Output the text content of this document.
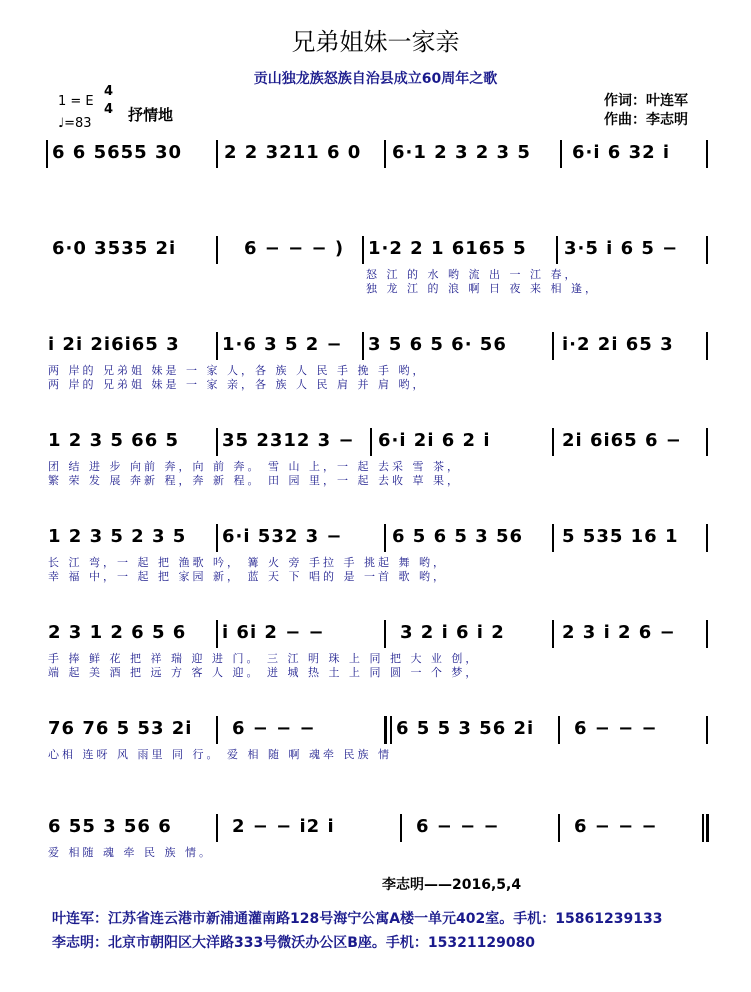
兄弟姐妹一家亲
贡山独龙族怒族自治县成立60周年之歌
1 = E
4
4
♩=83 抒情地
作词：叶连军
作曲：李志明
6 6 5655 30 2 2 3211 6 0 6·1 2 3 2 3 5 6·i 6 32 i
6·0 3535 2i	6 − − − ) 1·2 2 1 6165 5 3·5 i 6 5 −
怒 江 的 水 哟 流 出 一 江 春，
独 龙 江 的 浪 啊 日 夜 来 相 逢，
i 2i 2i6i65 3 1·6 3 5 2 − 3 5 6 5 6· 56	i·2 2i 65 3
两 岸的 兄弟姐 妹是 一 家 人，各 族 人 民 手 挽 手 哟，
两 岸的 兄弟姐 妹是 一 家 亲，各 族 人 民 肩 并 肩 哟，
1 2 3 5 66 5 35 2312 3 − 6·i 2i 6 2 i	2i 6i65 6 −
团 结 进 步 向前 奔，向 前 奔。 雪 山 上，一 起 去采 雪 茶，
繁 荣 发 展 奔新 程，奔 新 程。 田 园 里，一 起 去收 草 果，
1 2 3 5 2 3 5 6·i 532 3 −	6 5 6 5 3 56 5 535 16 1
长 江 弯，一 起 把 渔歌 吟， 篝 火 旁 手拉 手 挑起 舞 哟，
幸 福 中，一 起 把 家园 新， 蓝 天 下 唱的 是 一首 歌 哟，
2 3 1 2 6 5 6 i 6i 2 − −	3 2 i 6 i 2	2 3 i 2 6 −
手 捧 鲜 花 把 祥 瑞 迎 进 门。 三 江 明 珠 上 同 把 大 业 创，
端 起 美 酒 把 远 方 客 人 迎。 迸 城 热 土 上 同 圆 一 个 梦，
76 76 5 53 2i 6 − − −	6 5 5 3 56 2i 6 − − −
心相 连呀 风 雨里 同 行。 爱 相 随 啊 魂牵 民族 情
6 55 3 56 6	2 − − i2 i	6 − − −	6 − − −
爱 相随 魂 牵 民 族 情。
李志明——2016,5,4
叶连军：江苏省连云港市新浦通灌南路128号海宁公寓A楼一单元402室。手机：15861239133
李志明：北京市朝阳区大洋路333号微沃办公区B座。手机：15321129080
